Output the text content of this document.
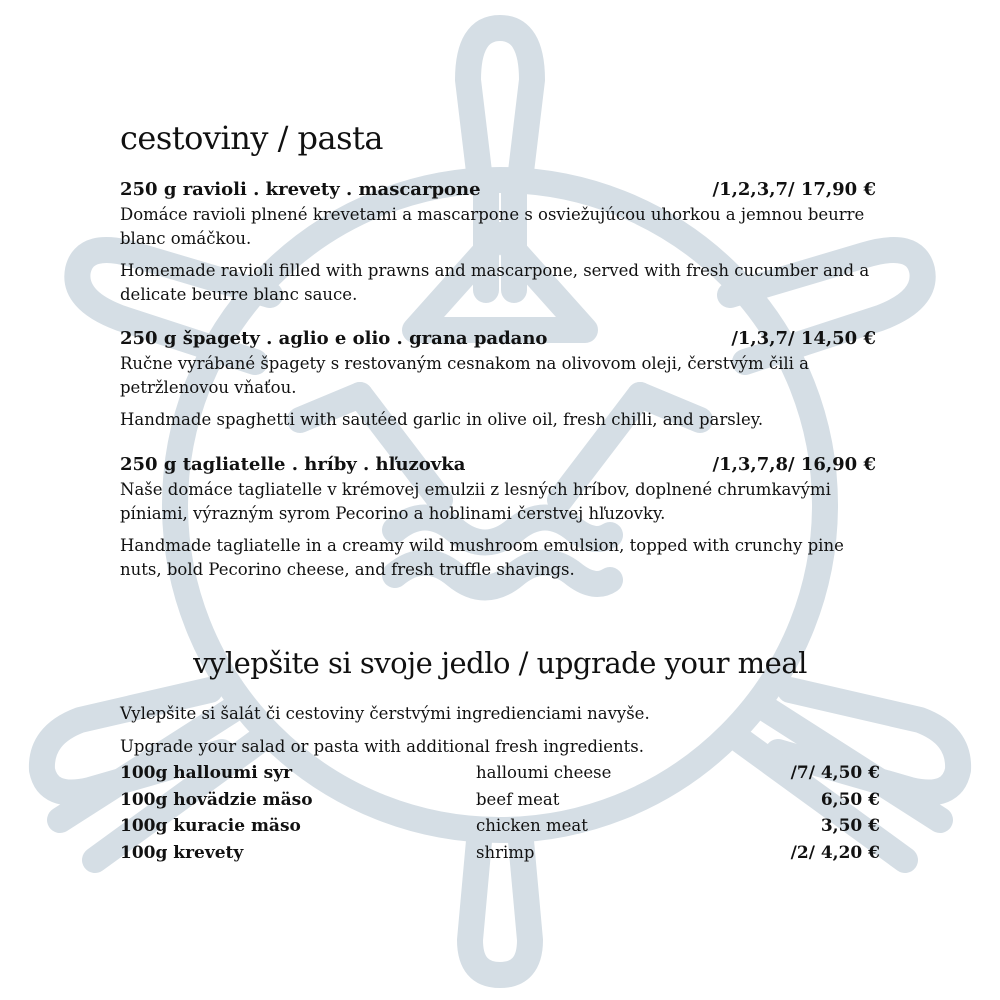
cestoviny / pasta
250 g ravioli . krevety . mascarpone	/1,2,3,7/ 17,90 €

Domáce ravioli plnené krevetami a mascarpone s osviežujúcou uhorkou a jemnou beurre blanc omáčkou.

Homemade ravioli filled with prawns and mascarpone, served with fresh cucumber and a delicate beurre blanc sauce.

250 g špagety . aglio e olio . grana padano	/1,3,7/ 14,50 €

Ručne vyrábané špagety s restovaným cesnakom na olivovom oleji, čerstvým čili a petržlenovou vňaťou.

Handmade spaghetti with sautéed garlic in olive oil, fresh chilli, and parsley.

250 g tagliatelle . hríby . hľuzovka	/1,3,7,8/ 16,90 €

Naše domáce tagliatelle v krémovej emulzii z lesných hríbov, doplnené chrumkavými píniami, výrazným syrom Pecorino a hoblinami čerstvej hľuzovky.

Handmade tagliatelle in a creamy wild mushroom emulsion, topped with crunchy pine nuts, bold Pecorino cheese, and fresh truffle shavings.

vylepšite si svoje jedlo / upgrade your meal

Vylepšite si šalát či cestoviny čerstvými ingredienciami navyše.

Upgrade your salad or pasta with additional fresh ingredients.

100g halloumi syr	halloumi cheese	/7/ 4,50 €
100g hovädzie mäso	beef meat	6,50 €
100g kuracie mäso	chicken meat	3,50 €
100g krevety	shrimp	/2/ 4,20 €
